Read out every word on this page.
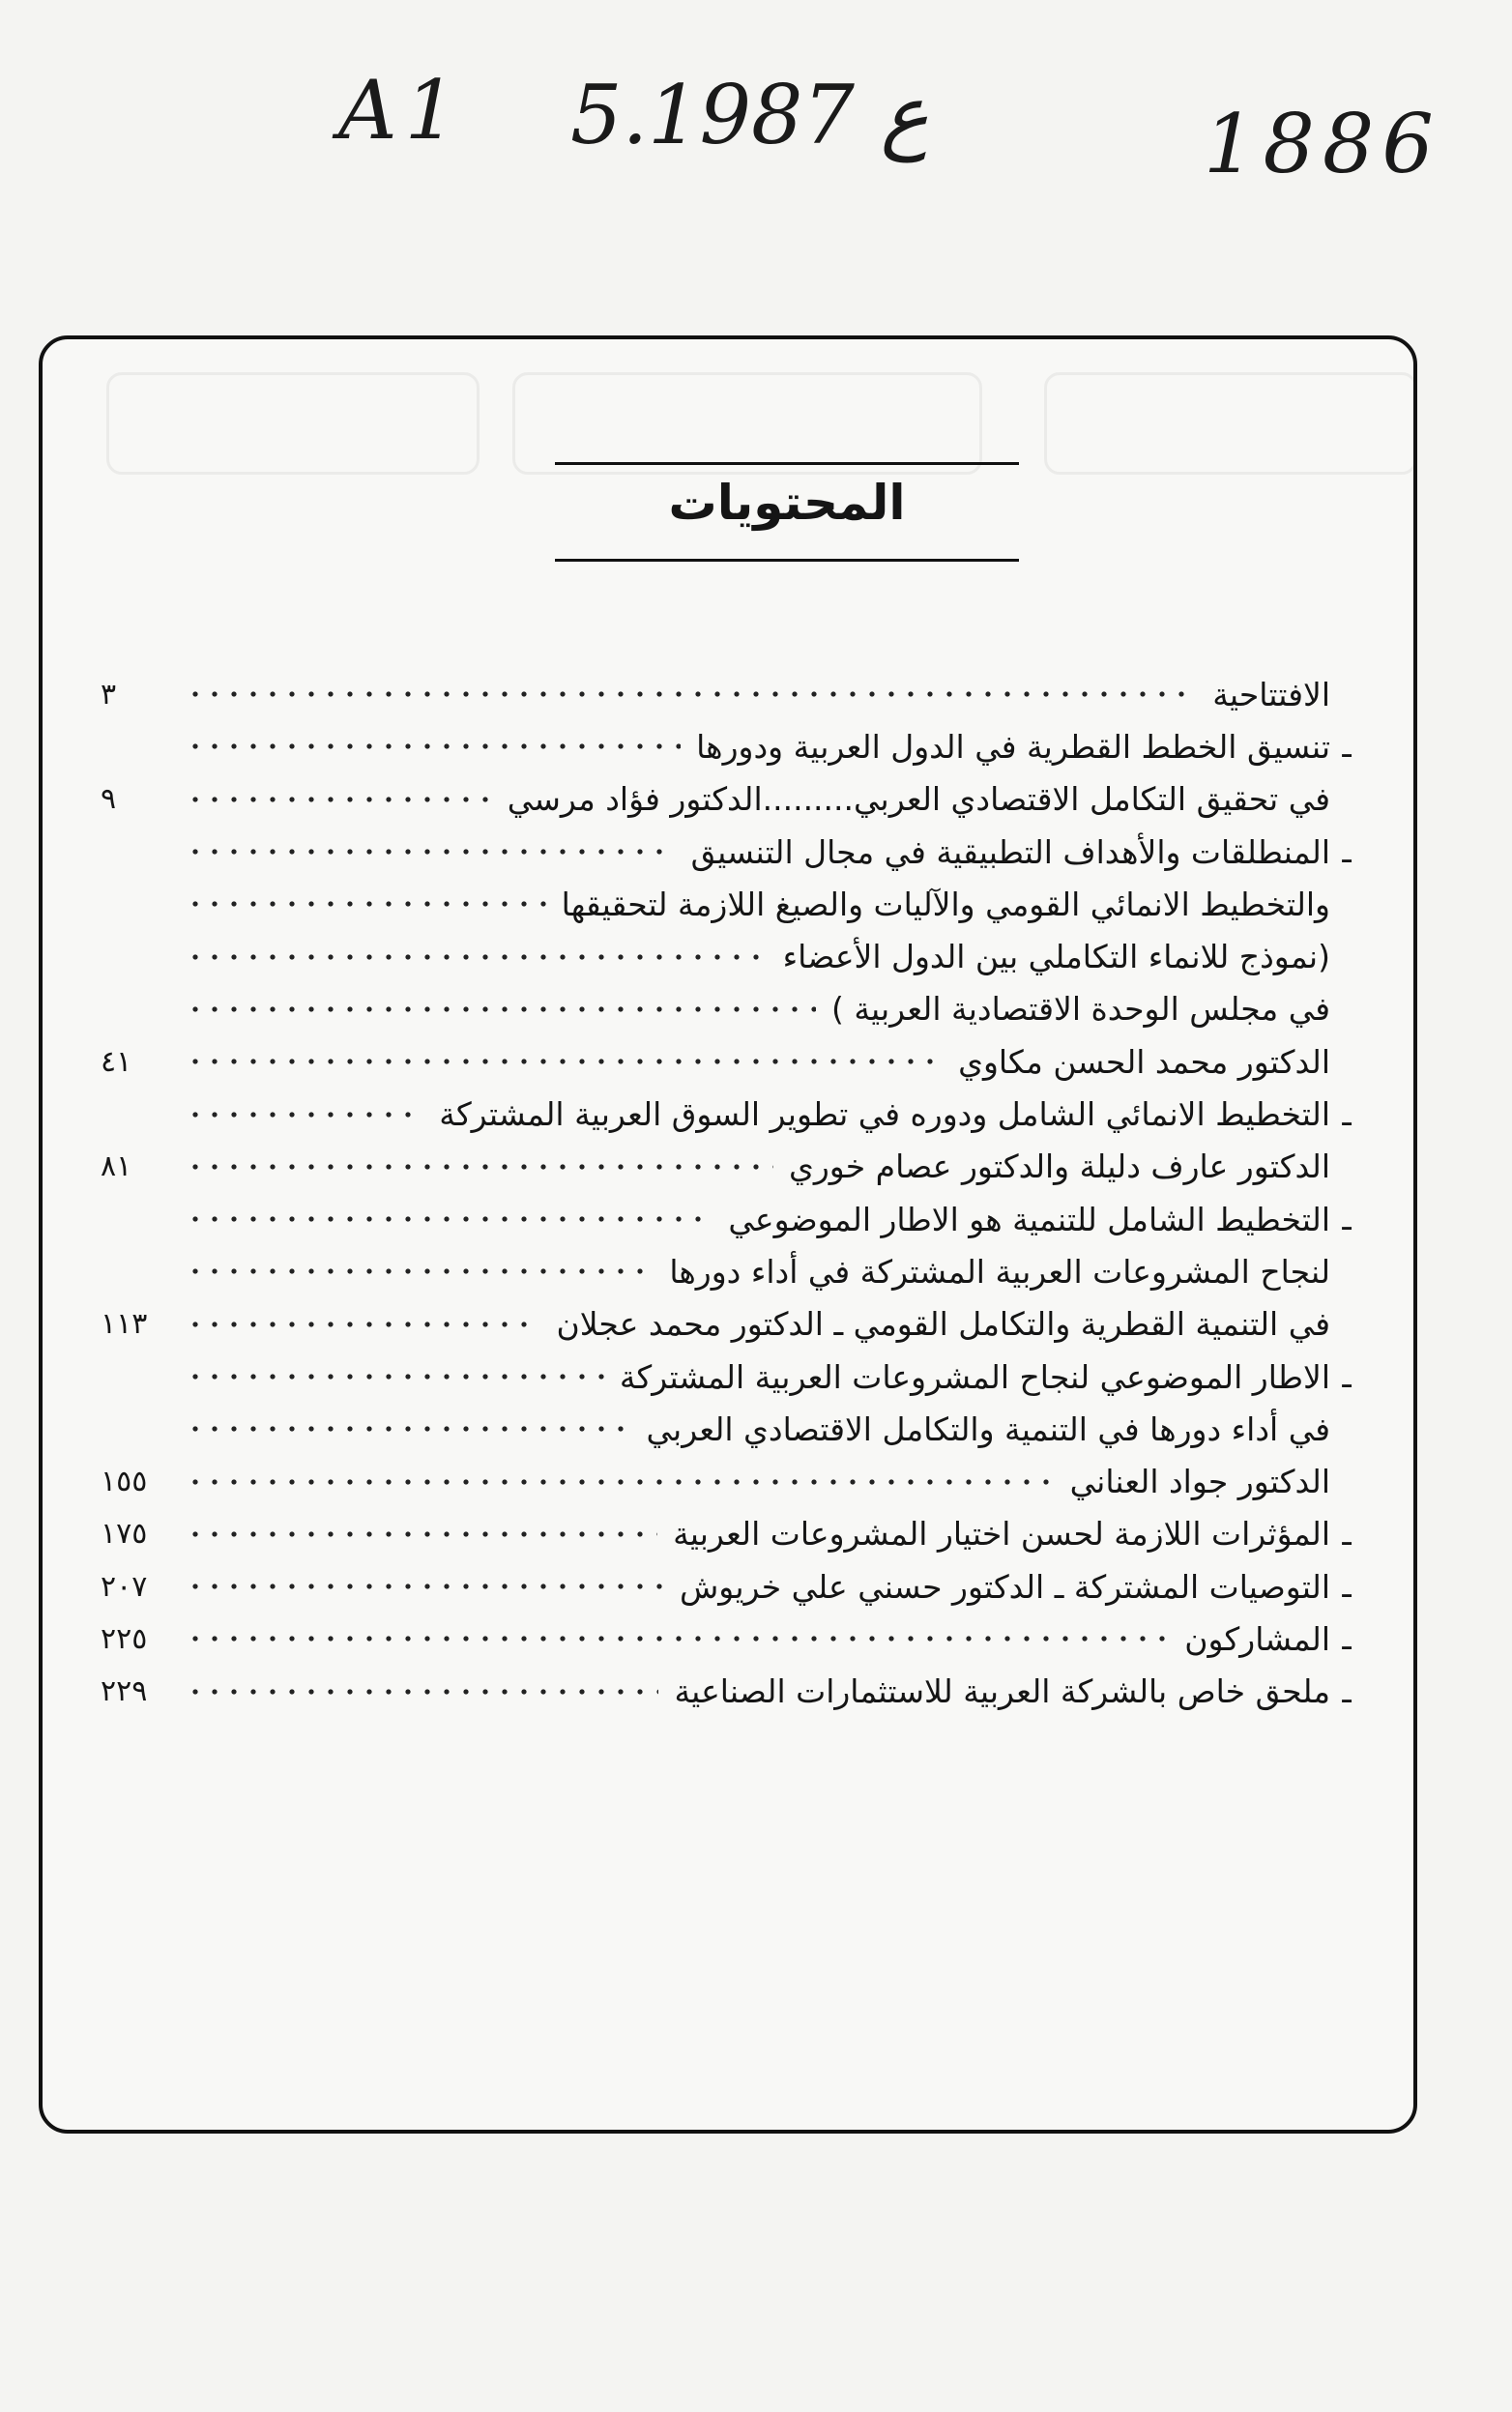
A1 5.ع 1987	1886
المحتويات
الافتتاحية
٣
ـ
تنسيق الخطط القطرية في الدول العربية ودورها
في تحقيق التكامل الاقتصادي العربي.........الدكتور فؤاد مرسي
٩
ـ
المنطلقات والأهداف التطبيقية في مجال التنسيق
والتخطيط الانمائي القومي والآليات والصيغ اللازمة لتحقيقها
(نموذج للانماء التكاملي بين الدول الأعضاء
في مجلس الوحدة الاقتصادية العربية )
الدكتور محمد الحسن مكاوي
٤١
ـ
التخطيط الانمائي الشامل ودوره في تطوير السوق العربية المشتركة
الدكتور عارف دليلة والدكتور عصام خوري
٨١
ـ
التخطيط الشامل للتنمية هو الاطار الموضوعي
لنجاح المشروعات العربية المشتركة في أداء دورها
في التنمية القطرية والتكامل القومي ـ الدكتور محمد عجلان
١١٣
ـ
الاطار الموضوعي لنجاح المشروعات العربية المشتركة
في أداء دورها في التنمية والتكامل الاقتصادي العربي
الدكتور جواد العناني
١٥٥
ـ
المؤثرات اللازمة لحسن اختيار المشروعات العربية
١٧٥
ـ
التوصيات المشتركة ـ الدكتور حسني علي خريوش
٢٠٧
ـ
المشاركون
٢٢٥
ـ
ملحق خاص بالشركة العربية للاستثمارات الصناعية
٢٢٩
